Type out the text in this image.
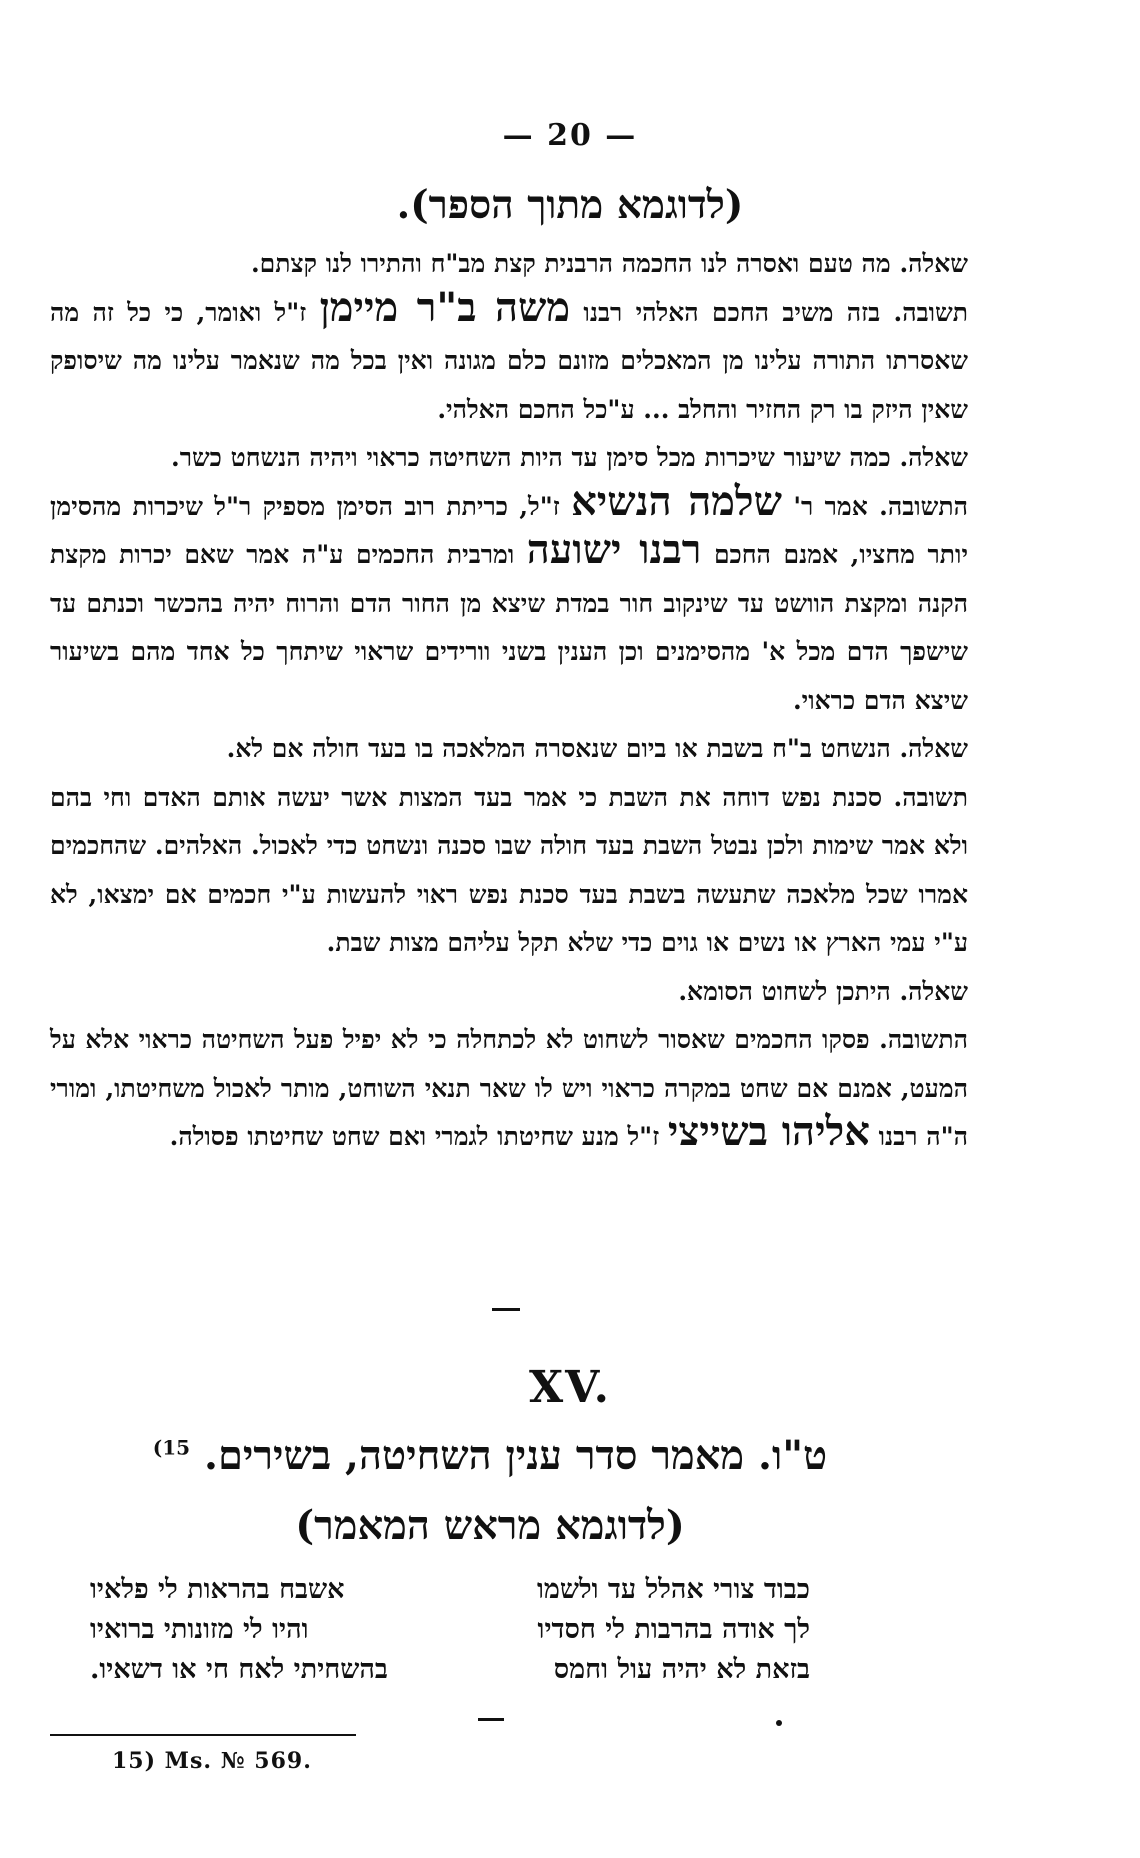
— 20 —
(לדוגמא מתוך הספר).

שאלה. מה טעם ואסרה לנו החכמה הרבנית קצת מב"ח והתירו לנו קצתם.

תשובה. בזה משיב החכם האלהי רבנו משה ב"ר מיימן ז"ל ואומר, כי כל זה מה שאסרתו התורה עלינו מן המאכלים מזונם כלם מגונה ואין בכל מה שנאמר עלינו מה שיסופק שאין היזק בו רק החזיר והחלב ... ע"כל החכם האלהי.

שאלה. כמה שיעור שיכרות מכל סימן עד היות השחיטה כראוי ויהיה הנשחט כשר.

התשובה. אמר ר' שלמה הנשיא ז"ל, כריתת רוב הסימן מספיק ר"ל שיכרות מהסימן יותר מחציו, אמנם החכם רבנו ישועה ומרבית החכמים ע"ה אמר שאם יכרות מקצת הקנה ומקצת הוושט עד שינקוב חור במדת שיצא מן החור הדם והרוח יהיה בהכשר וכנתם עד שישפך הדם מכל א' מהסימנים וכן הענין בשני וורידים שראוי שיתחך כל אחד מהם בשיעור שיצא הדם כראוי.

שאלה. הנשחט ב"ח בשבת או ביום שנאסרה המלאכה בו בעד חולה אם לא.

תשובה. סכנת נפש דוחה את השבת כי אמר בעד המצות אשר יעשה אותם האדם וחי בהם ולא אמר שימות ולכן נבטל השבת בעד חולה שבו סכנה ונשחט כדי לאכול. האלהים. שהחכמים אמרו שכל מלאכה שתעשה בשבת בעד סכנת נפש ראוי להעשות ע"י חכמים אם ימצאו, לא ע"י עמי הארץ או נשים או גוים כדי שלא תקל עליהם מצות שבת.

שאלה. היתכן לשחוט הסומא.

התשובה. פסקו החכמים שאסור לשחוט לא לכתחלה כי לא יפיל פעל השחיטה כראוי אלא על המעט, אמנם אם שחט במקרה כראוי ויש לו שאר תנאי השוחט, מותר לאכול משחיטתו, ומורי ה"ה רבנו אליהו בשייצי ז"ל מנע שחיטתו לגמרי ואם שחט שחיטתו פסולה.

XV.
ט"ו. מאמר סדר ענין השחיטה, בשירים. $^{15)}$
(לדוגמא מראש המאמר)
כבוד צורי אהלל עד ולשמו
אשבח בהראות לי פלאיו
לך אודה בהרבות לי חסדיו
והיו לי מזונותי ברואיו
בזאת לא יהיה עול וחמס
בהשחיתי לאח חי או דשאיו.
15) Ms. № 569.
